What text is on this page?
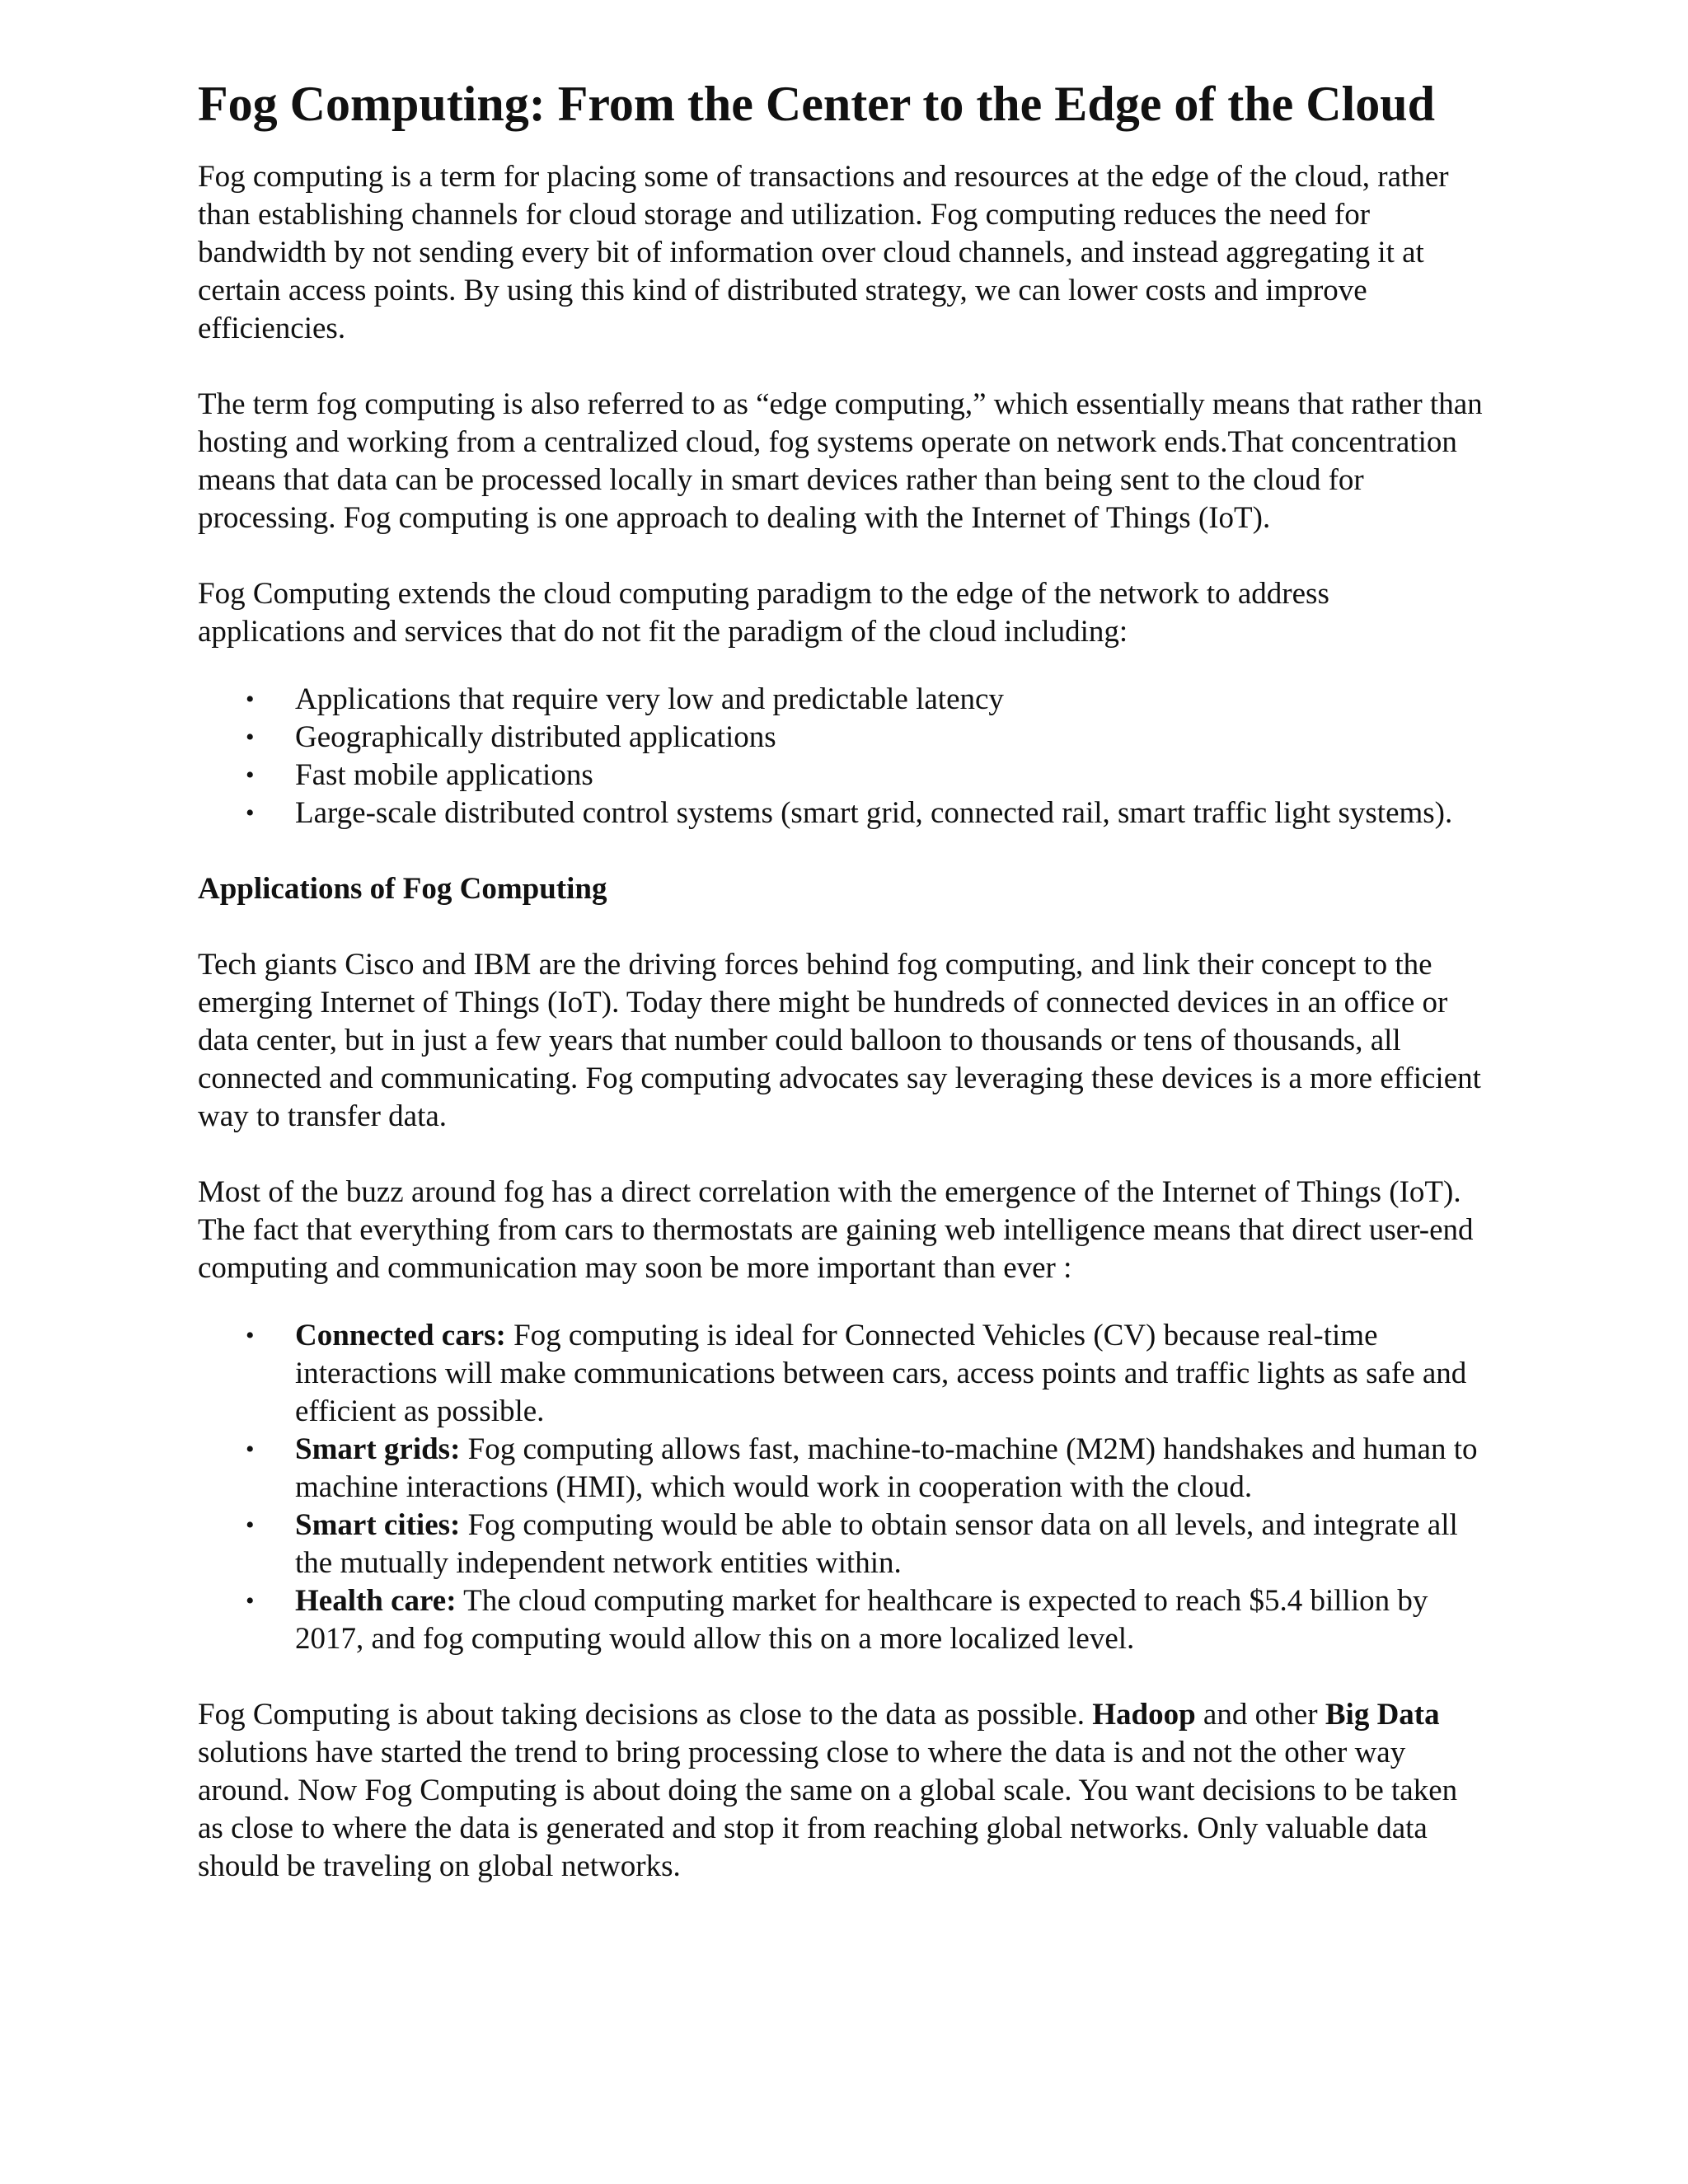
Fog Computing: From the Center to the Edge of the Cloud

Fog computing is a term for placing some of transactions and resources at the edge of the cloud, rather than establishing channels for cloud storage and utilization. Fog computing reduces the need for bandwidth by not sending every bit of information over cloud channels, and instead aggregating it at certain access points. By using this kind of distributed strategy, we can lower costs and improve efficiencies.

The term fog computing is also referred to as “edge computing,” which essentially means that rather than hosting and working from a centralized cloud, fog systems operate on network ends.That concentration means that data can be processed locally in smart devices rather than being sent to the cloud for processing. Fog computing is one approach to dealing with the Internet of Things (IoT).

Fog Computing extends the cloud computing paradigm to the edge of the network to address applications and services that do not fit the paradigm of the cloud including:

• Applications that require very low and predictable latency
• Geographically distributed applications
• Fast mobile applications
• Large-scale distributed control systems (smart grid, connected rail, smart traffic light systems).
Applications of Fog Computing

Tech giants Cisco and IBM are the driving forces behind fog computing, and link their concept to the emerging Internet of Things (IoT). Today there might be hundreds of connected devices in an office or data center, but in just a few years that number could balloon to thousands or tens of thousands, all connected and communicating. Fog computing advocates say leveraging these devices is a more efficient way to transfer data.

Most of the buzz around fog has a direct correlation with the emergence of the Internet of Things (IoT). The fact that everything from cars to thermostats are gaining web intelligence means that direct user-end computing and communication may soon be more important than ever :

• Connected cars: Fog computing is ideal for Connected Vehicles (CV) because real-time interactions will make communications between cars, access points and traffic lights as safe and efficient as possible.
• Smart grids: Fog computing allows fast, machine-to-machine (M2M) handshakes and human to machine interactions (HMI), which would work in cooperation with the cloud.
• Smart cities: Fog computing would be able to obtain sensor data on all levels, and integrate all the mutually independent network entities within.
• Health care: The cloud computing market for healthcare is expected to reach $5.4 billion by 2017, and fog computing would allow this on a more localized level.

Fog Computing is about taking decisions as close to the data as possible. Hadoop and other Big Data solutions have started the trend to bring processing close to where the data is and not the other way around. Now Fog Computing is about doing the same on a global scale. You want decisions to be taken as close to where the data is generated and stop it from reaching global networks. Only valuable data should be traveling on global networks.
